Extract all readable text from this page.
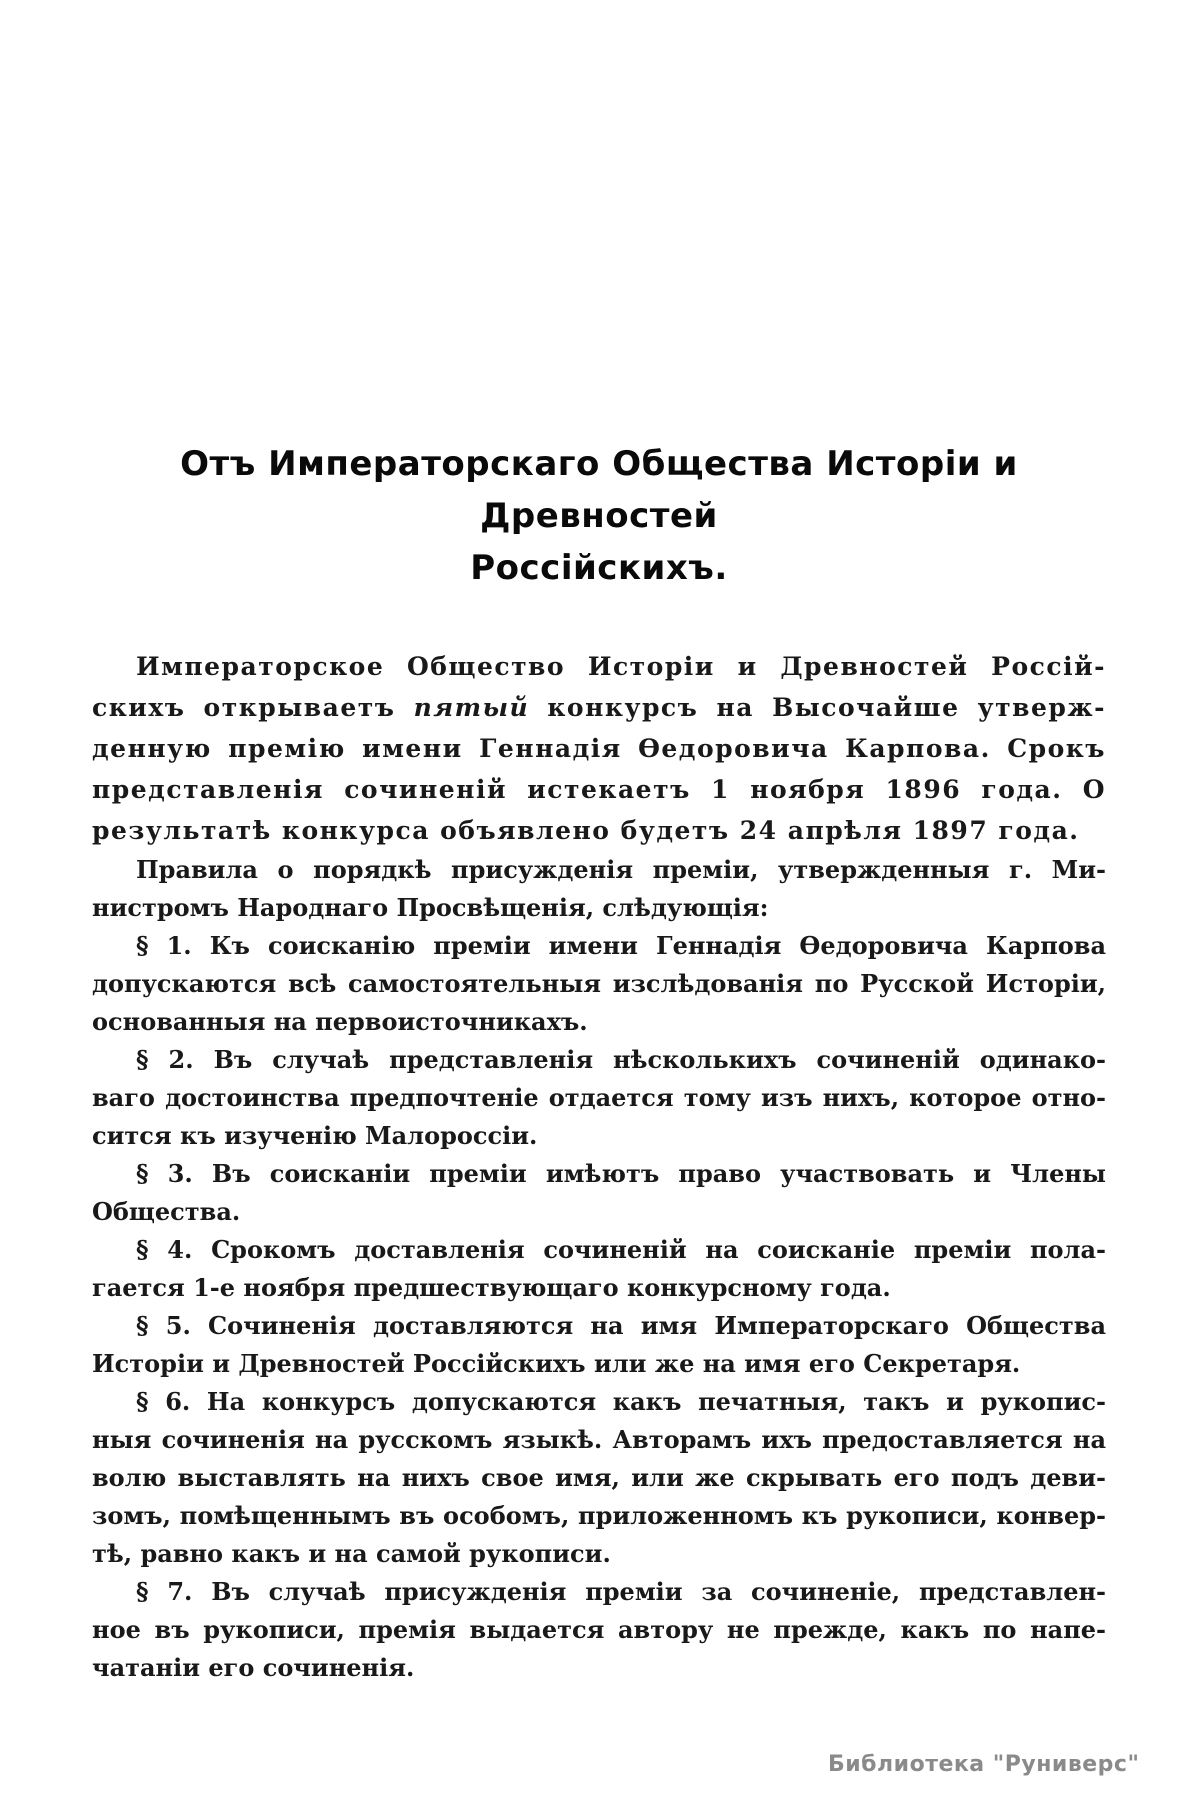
Отъ Императорскаго Общества Исторіи и Древностей
Россійскихъ.
Императорское Общество Исторіи и Древностей Россій-
скихъ открываетъ пятый конкурсъ на Высочайше утверж-
денную премію имени Геннадія Ѳедоровича Карпова. Срокъ
представленія сочиненій истекаетъ 1 ноября 1896 года. О
результатѣ конкурса объявлено будетъ 24 апрѣля 1897 года.
Правила о порядкѣ присужденія преміи, утвержденныя г. Ми-
нистромъ Народнаго Просвѣщенія, слѣдующія:
§ 1. Къ соисканію преміи имени Геннадія Ѳедоровича Карпова
допускаются всѣ самостоятельныя изслѣдованія по Русской Исторіи,
основанныя на первоисточникахъ.
§ 2. Въ случаѣ представленія нѣсколькихъ сочиненій одинако-
ваго достоинства предпочтеніе отдается тому изъ нихъ, которое отно-
сится къ изученію Малороссіи.
§ 3. Въ соисканіи преміи имѣютъ право участвовать и Члены
Общества.
§ 4. Срокомъ доставленія сочиненій на соисканіе преміи пола-
гается 1-е ноября предшествующаго конкурсному года.
§ 5. Сочиненія доставляются на имя Императорскаго Общества
Исторіи и Древностей Россійскихъ или же на имя его Секретаря.
§ 6. На конкурсъ допускаются какъ печатныя, такъ и рукопис-
ныя сочиненія на русскомъ языкѣ. Авторамъ ихъ предоставляется на
волю выставлять на нихъ свое имя, или же скрывать его подъ деви-
зомъ, помѣщеннымъ въ особомъ, приложенномъ къ рукописи, конвер-
тѣ, равно какъ и на самой рукописи.
§ 7. Въ случаѣ присужденія преміи за сочиненіе, представлен-
ное въ рукописи, премія выдается автору не прежде, какъ по напе-
чатаніи его сочиненія.
Библиотека "Руниверс"
